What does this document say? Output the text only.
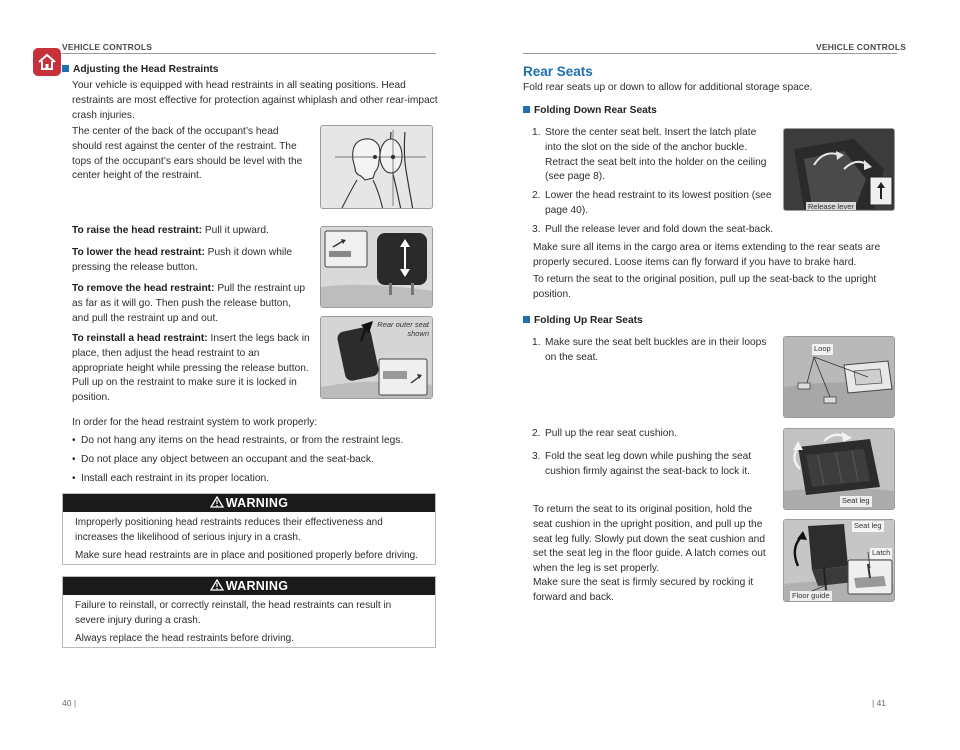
VEHICLE CONTROLS	VEHICLE CONTROLS
Adjusting the Head Restraints
Your vehicle is equipped with head restraints in all seating positions. Head restraints are most effective for protection against whiplash and other rear-impact crash injuries.
The center of the back of the occupant’s head should rest against the center of the restraint. The tops of the occupant’s ears should be level with the center height of the restraint.
To raise the head restraint: Pull it upward.
To lower the head restraint: Push it down while pressing the release button.
To remove the head restraint: Pull the restraint up as far as it will go. Then push the release button, and pull the restraint up and out.
To reinstall a head restraint: Insert the legs back in place, then adjust the head restraint to an appropriate height while pressing the release button. Pull up on the restraint to make sure it is locked in position.
Rear outer seat shown
In order for the head restraint system to work properly:
• Do not hang any items on the head restraints, or from the restraint legs.
• Do not place any object between an occupant and the seat-back.
• Install each restraint in its proper location.
WARNING

Improperly positioning head restraints reduces their effectiveness and increases the likelihood of serious injury in a crash.

Make sure head restraints are in place and positioned properly before driving.

WARNING

Failure to reinstall, or correctly reinstall, the head restraints can result in severe injury during a crash.

Always replace the head restraints before driving.

40 |
Rear Seats
Fold rear seats up or down to allow for additional storage space.
Folding Down Rear Seats
1. Store the center seat belt. Insert the latch plate into the slot on the side of the anchor buckle. Retract the seat belt into the holder on the ceiling (see page 8).
2. Lower the head restraint to its lowest position (see page 40).
3. Pull the release lever and fold down the seat-back.
Release lever
Make sure all items in the cargo area or items extending to the rear seats are properly secured. Loose items can fly forward if you have to brake hard.
To return the seat to the original position, pull up the seat-back to the upright position.
Folding Up Rear Seats
1. Make sure the seat belt buckles are in their loops on the seat.
2. Pull up the rear seat cushion.
3. Fold the seat leg down while pushing the seat cushion firmly against the seat-back to lock it.
To return the seat to its original position, hold the seat cushion in the upright position, and pull up the seat leg fully. Slowly put down the seat cushion and set the seat leg in the floor guide. A latch comes out when the leg is set properly.
Make sure the seat is firmly secured by rocking it forward and back.
Loop
Seat leg
Seat leg
Latch
Floor guide
| 41
